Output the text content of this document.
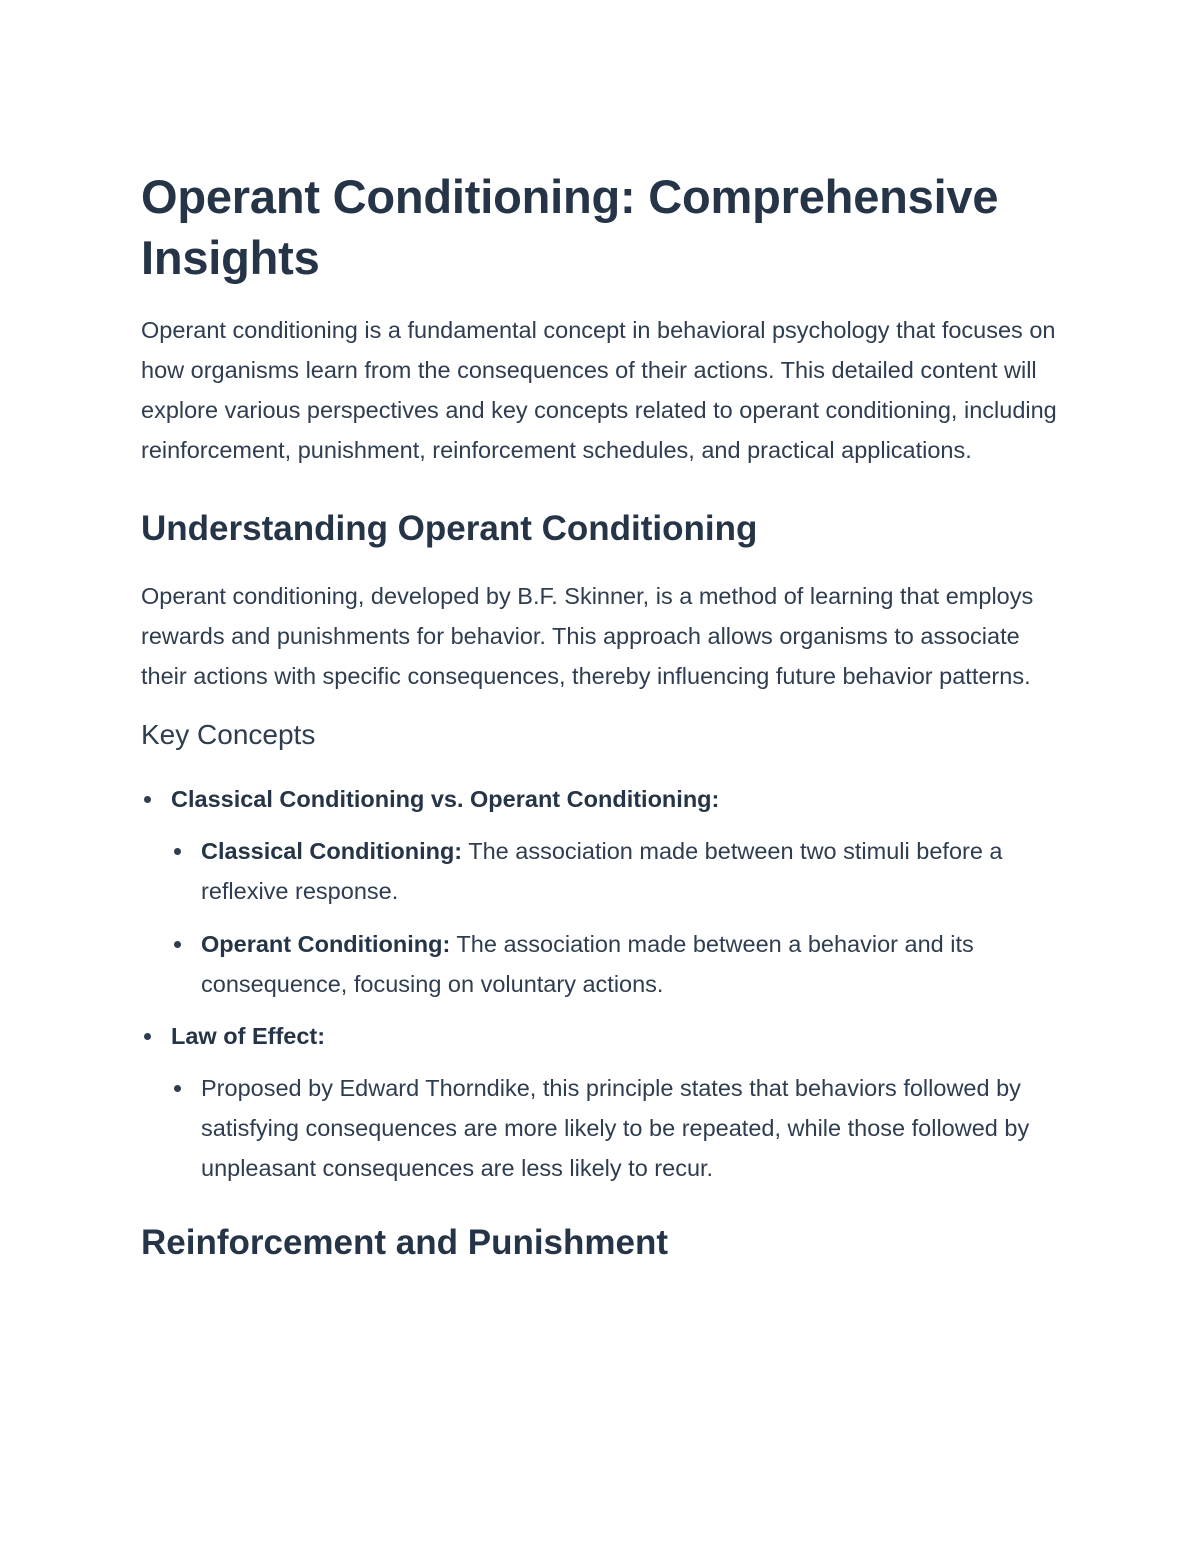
Operant Conditioning: Comprehensive Insights

Operant conditioning is a fundamental concept in behavioral psychology that focuses on how organisms learn from the consequences of their actions. This detailed content will explore various perspectives and key concepts related to operant conditioning, including reinforcement, punishment, reinforcement schedules, and practical applications.

Understanding Operant Conditioning

Operant conditioning, developed by B.F. Skinner, is a method of learning that employs rewards and punishments for behavior. This approach allows organisms to associate their actions with specific consequences, thereby influencing future behavior patterns.

Key Concepts
Classical Conditioning vs. Operant Conditioning:
Classical Conditioning: The association made between two stimuli before a reflexive response.
Operant Conditioning: The association made between a behavior and its consequence, focusing on voluntary actions.
Law of Effect:
Proposed by Edward Thorndike, this principle states that behaviors followed by satisfying consequences are more likely to be repeated, while those followed by unpleasant consequences are less likely to recur.
Reinforcement and Punishment
